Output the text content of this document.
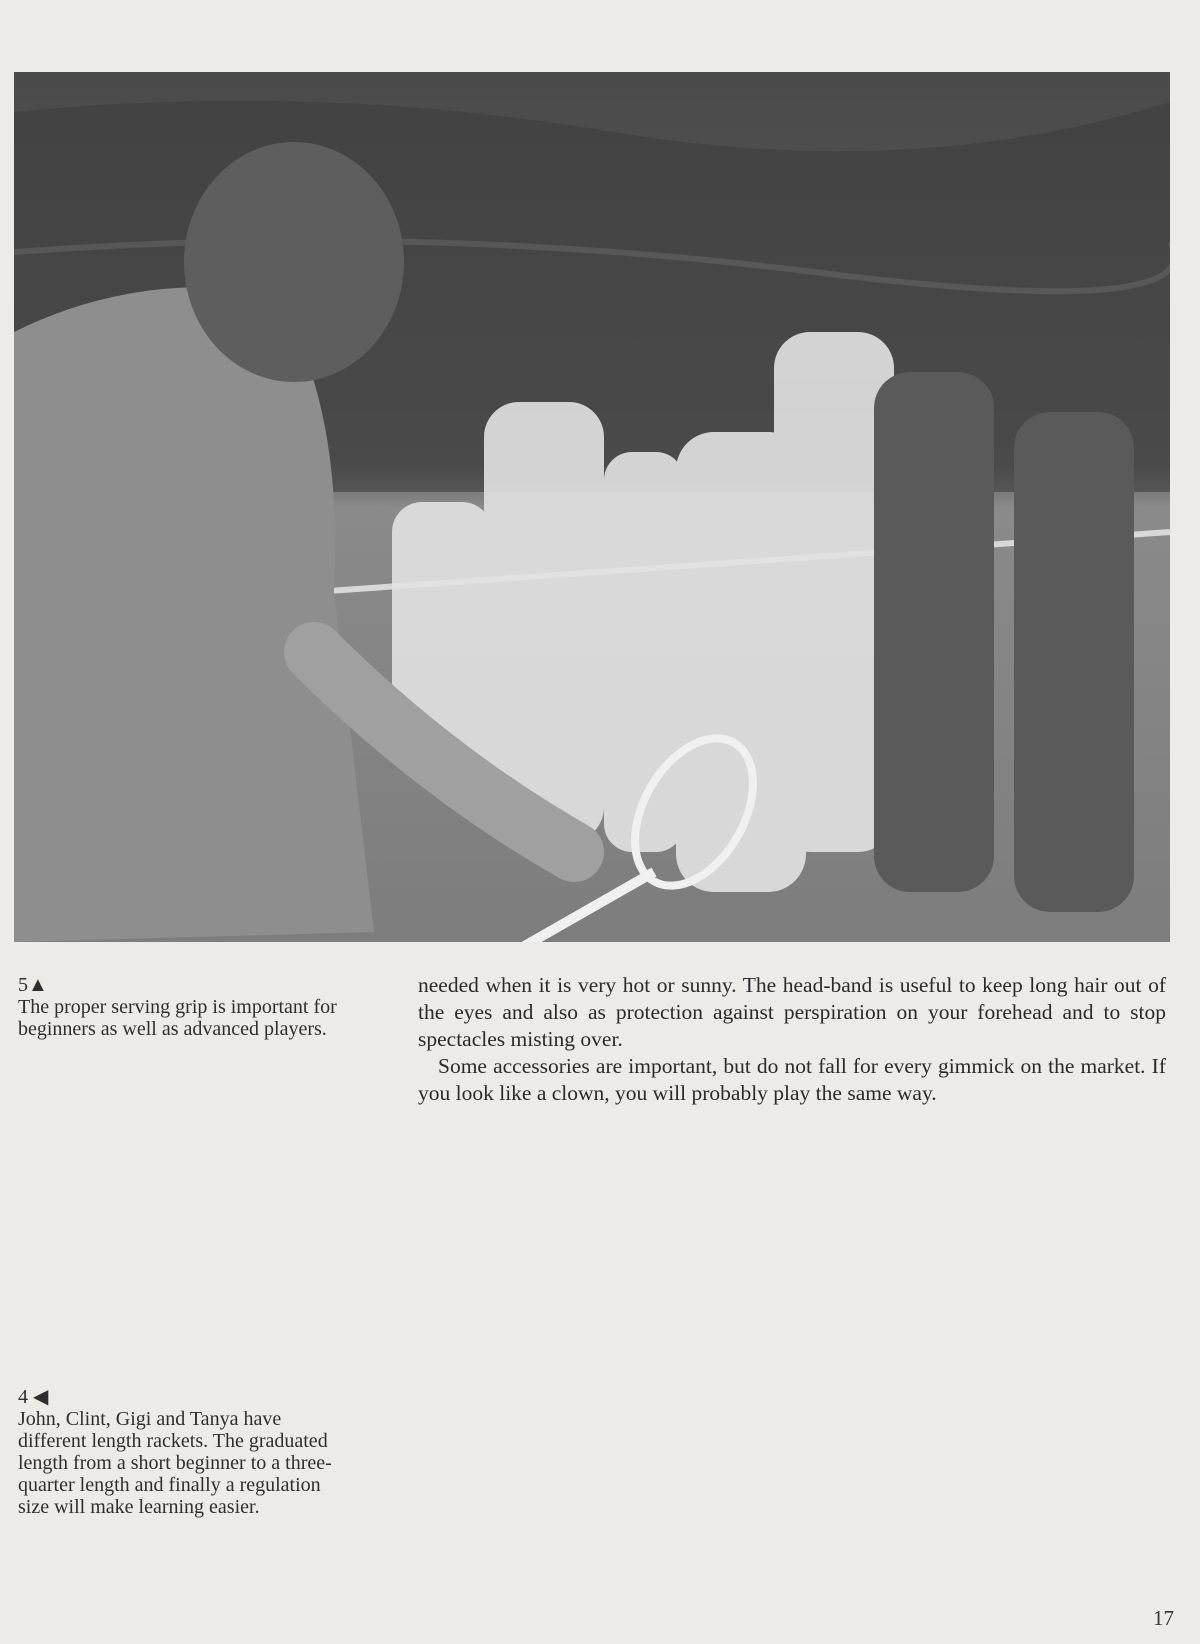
5▲
The proper serving grip is important for beginners as well as advanced players.

needed when it is very hot or sunny. The head-band is useful to keep long hair out of the eyes and also as protection against perspiration on your forehead and to stop spectacles misting over.

Some accessories are important, but do not fall for every gimmick on the market. If you look like a clown, you will probably play the same way.

4 ◀
John, Clint, Gigi and Tanya have different length rackets. The graduated length from a short beginner to a three-quarter length and finally a regulation size will make learning easier.
17
